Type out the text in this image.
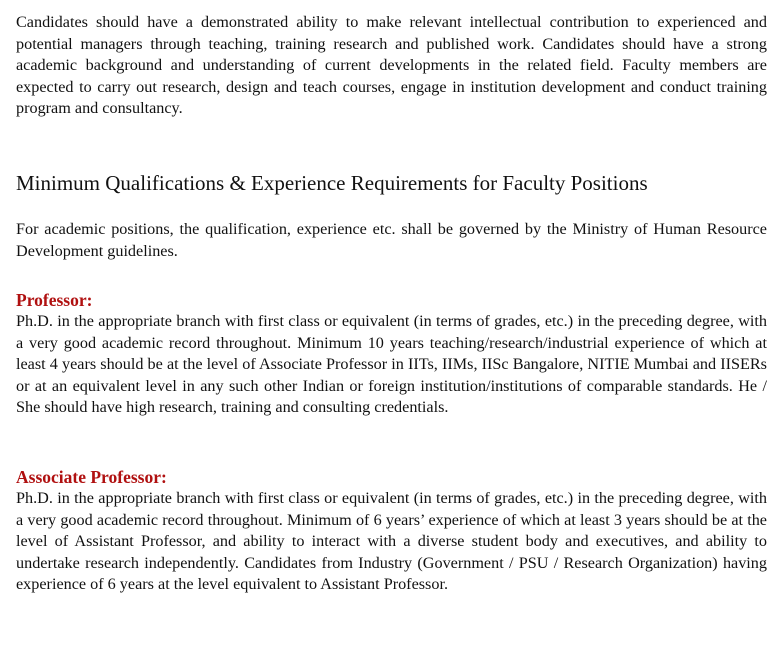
Candidates should have a demonstrated ability to make relevant intellectual contribution to experienced and potential managers through teaching, training research and published work. Candidates should have a strong academic background and understanding of current developments in the related field. Faculty members are expected to carry out research, design and teach courses, engage in institution development and conduct training program and consultancy.

Minimum Qualifications & Experience Requirements for Faculty Positions

For academic positions, the qualification, experience etc. shall be governed by the Ministry of Human Resource Development guidelines.

Professor:

Ph.D. in the appropriate branch with first class or equivalent (in terms of grades, etc.) in the preceding degree, with a very good academic record throughout. Minimum 10 years teaching/research/industrial experience of which at least 4 years should be at the level of Associate Professor in IITs, IIMs, IISc Bangalore, NITIE Mumbai and IISERs or at an equivalent level in any such other Indian or foreign institution/institutions of comparable standards. He / She should have high research, training and consulting credentials.

Associate Professor:

Ph.D. in the appropriate branch with first class or equivalent (in terms of grades, etc.) in the preceding degree, with a very good academic record throughout. Minimum of 6 years’ experience of which at least 3 years should be at the level of Assistant Professor, and ability to interact with a diverse student body and executives, and ability to undertake research independently. Candidates from Industry (Government / PSU / Research Organization) having experience of 6 years at the level equivalent to Assistant Professor.
